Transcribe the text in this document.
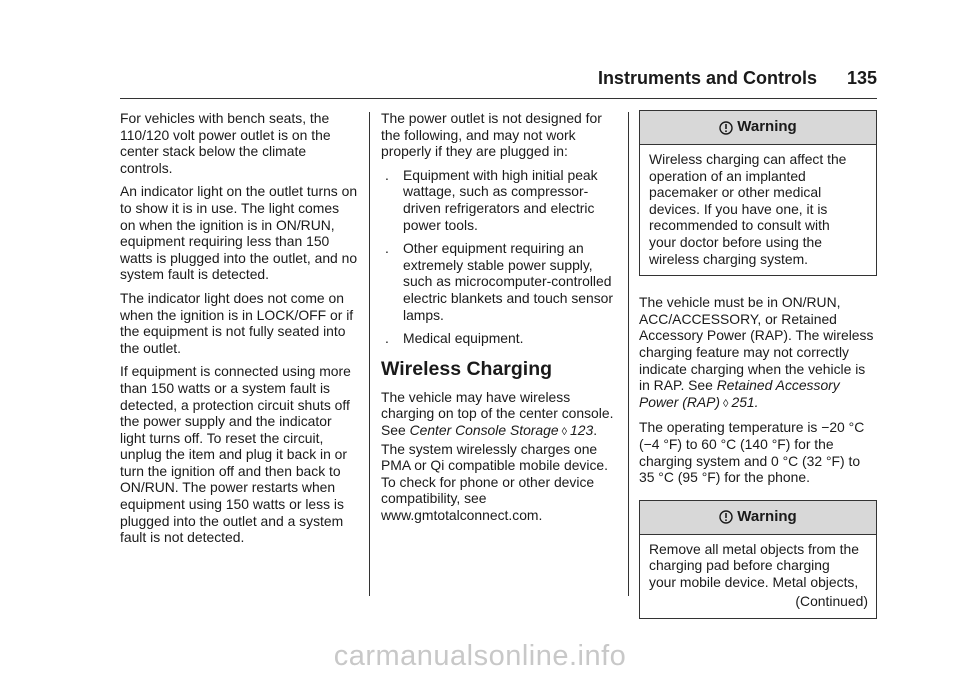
Instruments and Controls 135

For vehicles with bench seats, the 110/120 volt power outlet is on the center stack below the climate controls.

An indicator light on the outlet turns on to show it is in use. The light comes on when the ignition is in ON/RUN, equipment requiring less than 150 watts is plugged into the outlet, and no system fault is detected.

The indicator light does not come on when the ignition is in LOCK/OFF or if the equipment is not fully seated into the outlet.

If equipment is connected using more than 150 watts or a system fault is detected, a protection circuit shuts off the power supply and the indicator light turns off. To reset the circuit, unplug the item and plug it back in or turn the ignition off and then back to ON/RUN. The power restarts when equipment using 150 watts or less is plugged into the outlet and a system fault is not detected.

The power outlet is not designed for the following, and may not work properly if they are plugged in:

.	Equipment with high initial peak wattage, such as compressor-driven refrigerators and electric power tools.
.	Other equipment requiring an extremely stable power supply, such as microcomputer-controlled electric blankets and touch sensor lamps.
.	Medical equipment.
Wireless Charging

The vehicle may have wireless charging on top of the center console. See Center Console Storage ◊ 123. The system wirelessly charges one PMA or Qi compatible mobile device. To check for phone or other device compatibility, see www.gmtotalconnect.com.

Warning
Wireless charging can affect the
operation of an implanted
pacemaker or other medical
devices. If you have one, it is
recommended to consult with
your doctor before using the
wireless charging system.

The vehicle must be in ON/RUN, ACC/ACCESSORY, or Retained Accessory Power (RAP). The wireless charging feature may not correctly indicate charging when the vehicle is in RAP. See Retained Accessory Power (RAP) ◊ 251.

The operating temperature is −20 °C (−4 °F) to 60 °C (140 °F) for the charging system and 0 °C (32 °F) to 35 °C (95 °F) for the phone.

Warning
Remove all metal objects from the
charging pad before charging
your mobile device. Metal objects,
(Continued)
carmanualsonline.info
